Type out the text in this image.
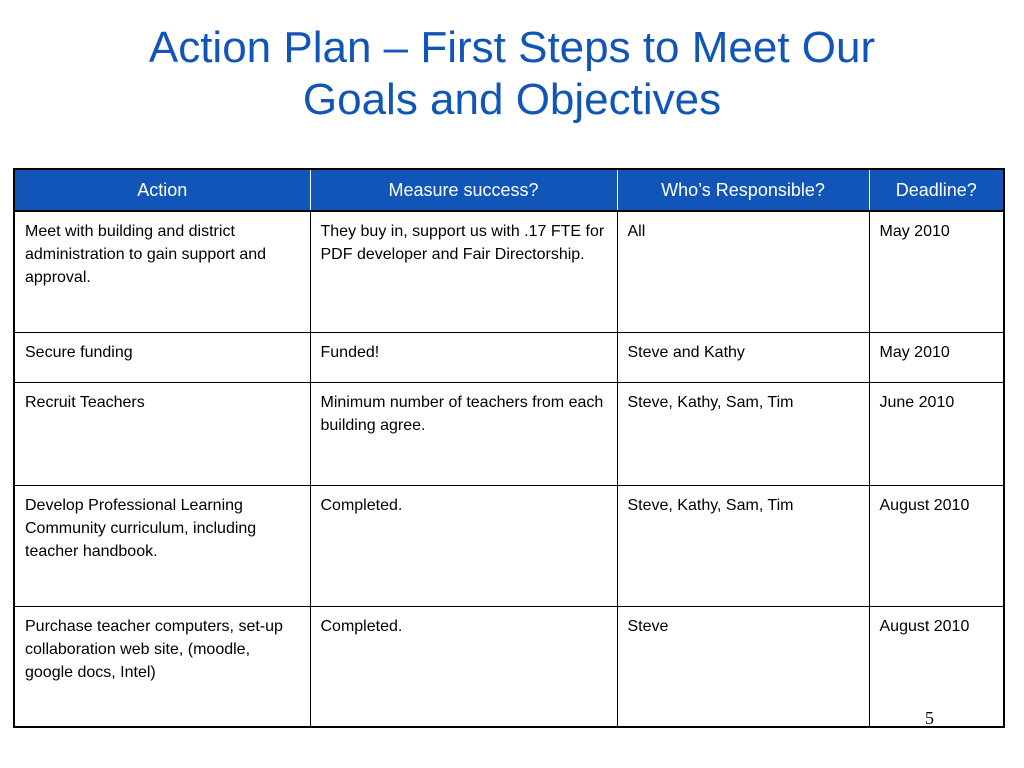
Action Plan – First Steps to Meet Our
Goals and Objectives
Action	Measure success?	Who’s Responsible?	Deadline?
Meet with building and district administration to gain support and approval.	They buy in, support us with .17 FTE for PDF developer and Fair Directorship.	All	May 2010
Secure funding	Funded!	Steve and Kathy	May 2010
Recruit Teachers	Minimum number of teachers from each building agree.	Steve, Kathy, Sam, Tim	June 2010
Develop Professional Learning Community curriculum, including teacher handbook.	Completed.	Steve, Kathy, Sam, Tim	August 2010
Purchase teacher computers, set-up collaboration web site, (moodle, google docs, Intel)	Completed.	Steve	August 2010
5
